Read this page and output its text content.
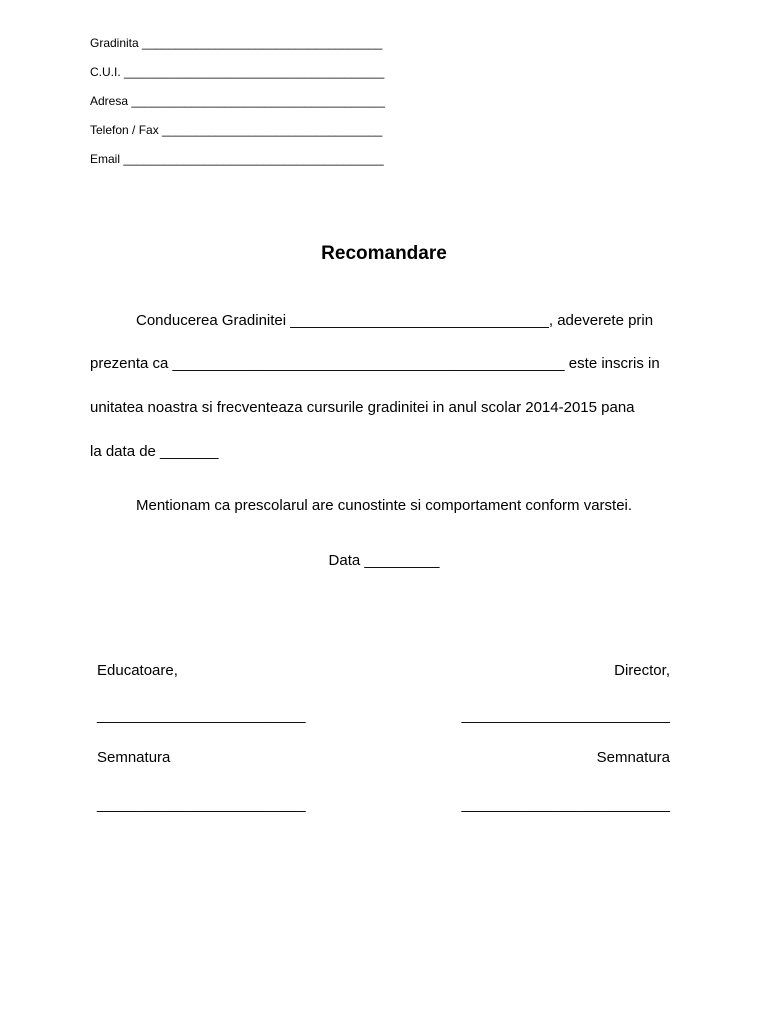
Gradinita ____________________________________
C.U.I. _______________________________________
Adresa ______________________________________
Telefon / Fax _________________________________
Email _______________________________________
Recomandare
Conducerea Gradinitei _______________________________, adeverete prin
prezenta ca _______________________________________________ este inscris in
unitatea noastra si frecventeaza cursurile gradinitei in anul scolar 2014-2015 pana
la data de _______
Mentionam ca prescolarul are cunostinte si comportament conform varstei.
Data _________
Educatoare,	Director,
_________________________	_________________________
Semnatura	Semnatura
_________________________	_________________________
